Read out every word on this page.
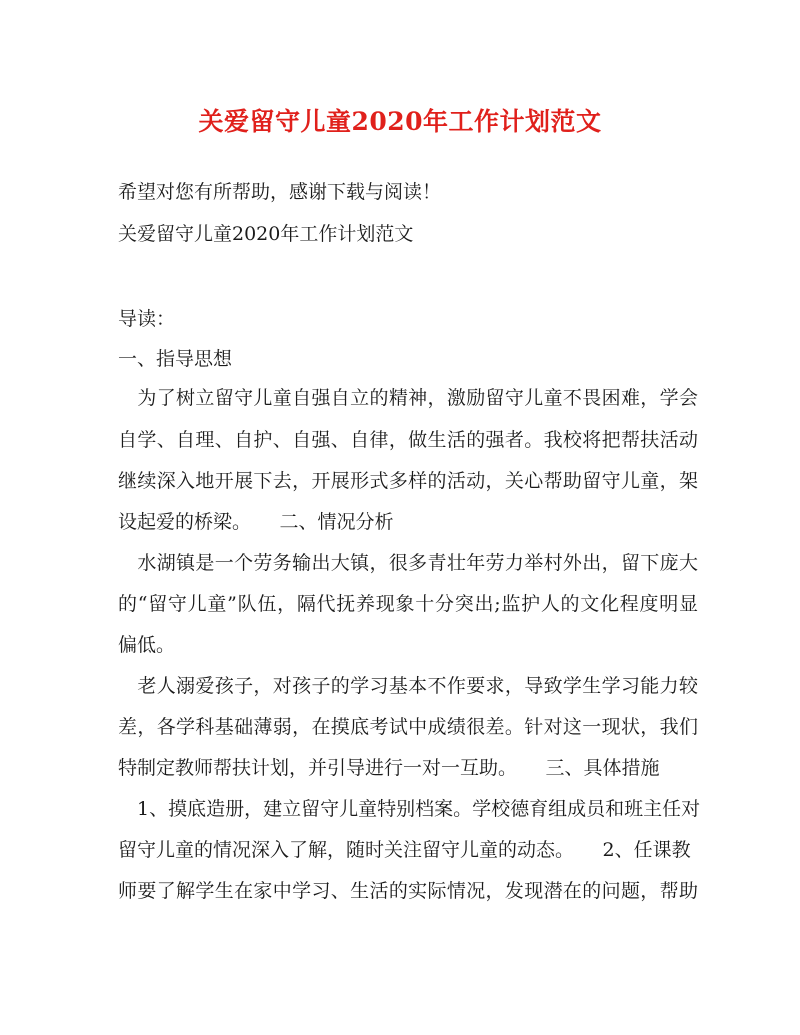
关爱留守儿童2020年工作计划范文
希望对您有所帮助，感谢下载与阅读！
关爱留守儿童2020年工作计划范文
导读：
一、指导思想
　为了树立留守儿童自强自立的精神，激励留守儿童不畏困难，学会
自学、自理、自护、自强、自律，做生活的强者。我校将把帮扶活动
继续深入地开展下去，开展形式多样的活动，关心帮助留守儿童，架
设起爱的桥梁。　　二、情况分析
　水湖镇是一个劳务输出大镇，很多青壮年劳力举村外出，留下庞大
的“留守儿童”队伍，隔代抚养现象十分突出;监护人的文化程度明显
偏低。
　老人溺爱孩子，对孩子的学习基本不作要求，导致学生学习能力较
差，各学科基础薄弱，在摸底考试中成绩很差。针对这一现状，我们
特制定教师帮扶计划，并引导进行一对一互助。　　三、具体措施
　1、摸底造册，建立留守儿童特别档案。学校德育组成员和班主任对
留守儿童的情况深入了解，随时关注留守儿童的动态。　　2、任课教
师要了解学生在家中学习、生活的实际情况，发现潜在的问题，帮助
